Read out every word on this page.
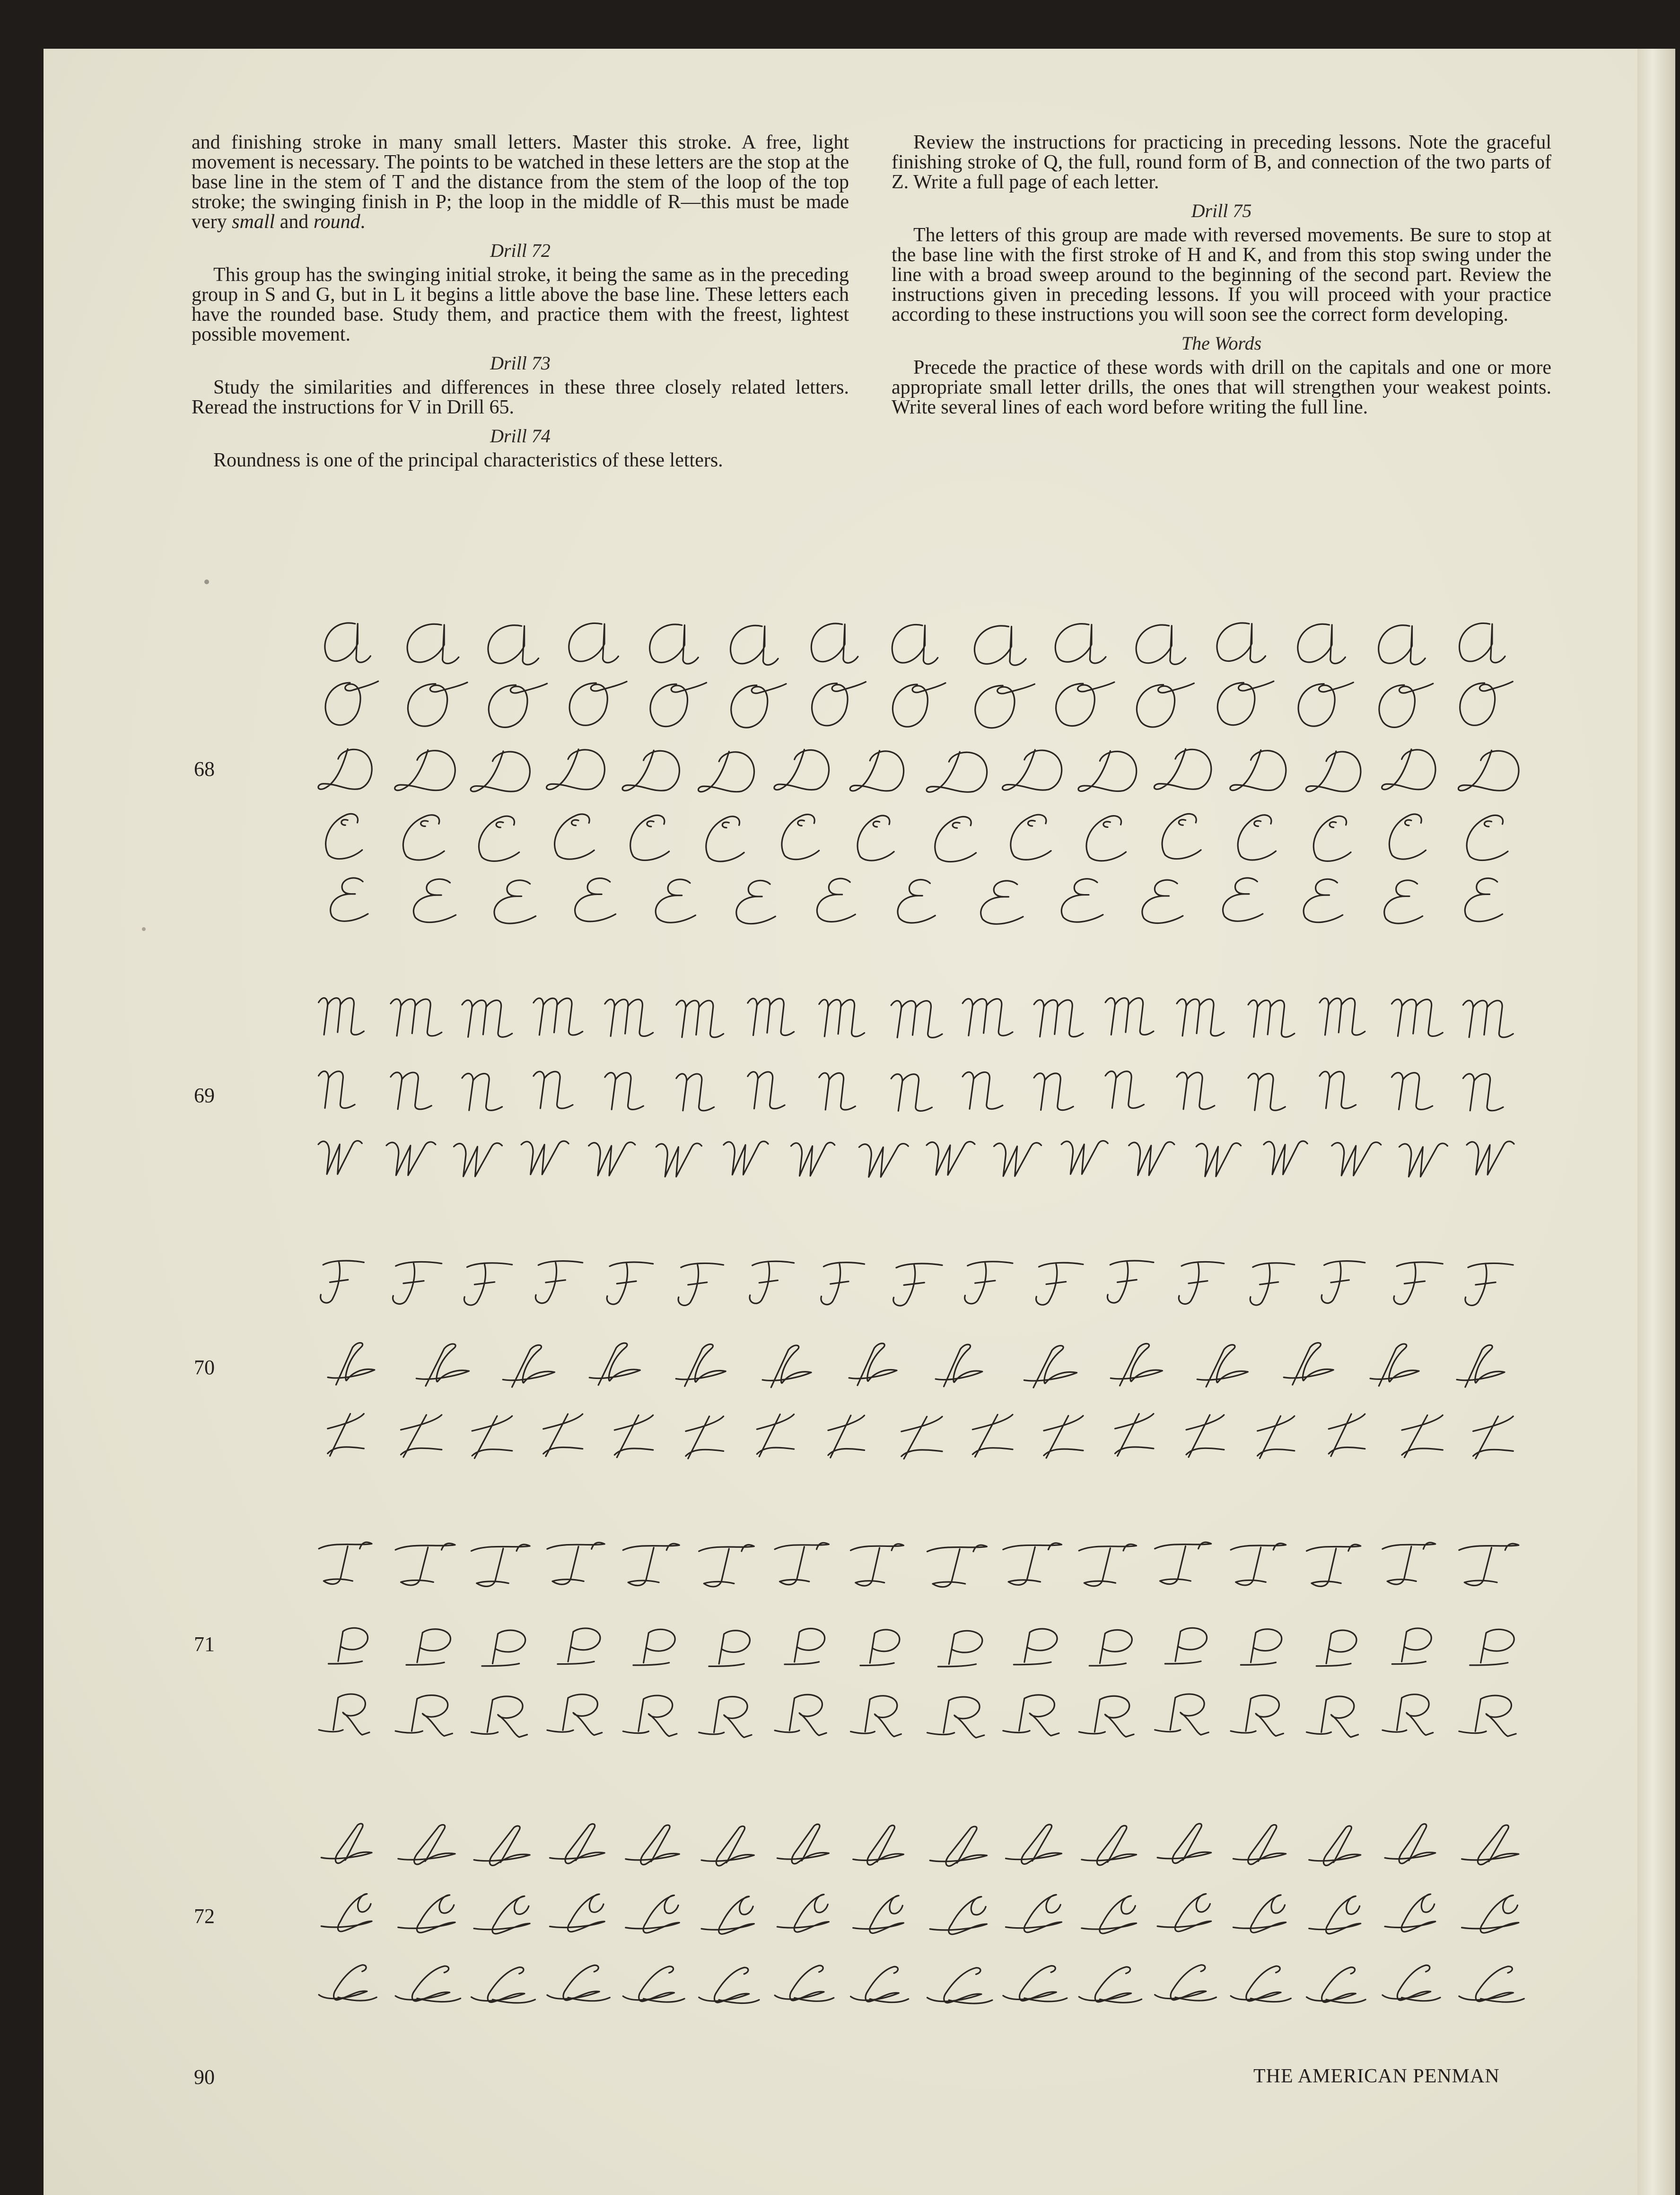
and finishing stroke in many small letters. Master this stroke. A free, light movement is necessary. The points to be watched in these letters are the stop at the base line in the stem of T and the distance from the stem of the loop of the top stroke; the swinging finish in P; the loop in the middle of R—this must be made very small and round.

Drill 72

This group has the swinging initial stroke, it being the same as in the preceding group in S and G, but in L it begins a little above the base line. These letters each have the rounded base. Study them, and practice them with the freest, lightest possible movement.

Drill 73

Study the similarities and differences in these three closely related letters. Reread the instructions for V in Drill 65.

Drill 74

Roundness is one of the principal characteristics of these letters.

Review the instructions for practicing in preceding lessons. Note the graceful finishing stroke of Q, the full, round form of B, and connection of the two parts of Z. Write a full page of each letter.

Drill 75

The letters of this group are made with reversed movements. Be sure to stop at the base line with the first stroke of H and K, and from this stop swing under the line with a broad sweep around to the beginning of the second part. Review the instructions given in preceding lessons. If you will proceed with your practice according to these instructions you will soon see the correct form developing.

The Words

Precede the practice of these words with drill on the capitals and one or more appropriate small letter drills, the ones that will strengthen your weakest points. Write several lines of each word before writing the full line.

68
69
70
71
72
90	THE AMERICAN PENMAN
